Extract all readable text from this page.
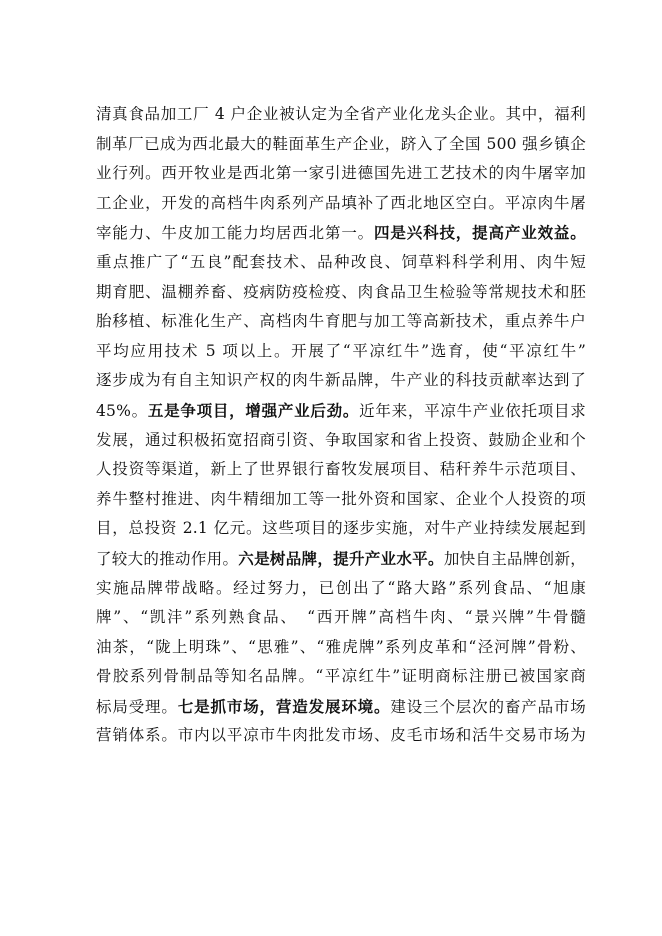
清真食品加工厂 4 户企业被认定为全省产业化龙头企业。其中，福利
制革厂已成为西北最大的鞋面革生产企业，跻入了全国 500 强乡镇企
业行列。西开牧业是西北第一家引进德国先进工艺技术的肉牛屠宰加
工企业，开发的高档牛肉系列产品填补了西北地区空白。平凉肉牛屠
宰能力、牛皮加工能力均居西北第一。四是兴科技，提高产业效益。
重点推广了“五良”配套技术、品种改良、饲草料科学利用、肉牛短
期育肥、温棚养畜、疫病防疫检疫、肉食品卫生检验等常规技术和胚
胎移植、标准化生产、高档肉牛育肥与加工等高新技术，重点养牛户
平均应用技术 5 项以上。开展了“平凉红牛”选育，使“平凉红牛”
逐步成为有自主知识产权的肉牛新品牌，牛产业的科技贡献率达到了
45%。五是争项目，增强产业后劲。近年来，平凉牛产业依托项目求
发展，通过积极拓宽招商引资、争取国家和省上投资、鼓励企业和个
人投资等渠道，新上了世界银行畜牧发展项目、秸秆养牛示范项目、
养牛整村推进、肉牛精细加工等一批外资和国家、企业个人投资的项
目，总投资 2.1 亿元。这些项目的逐步实施，对牛产业持续发展起到
了较大的推动作用。六是树品牌，提升产业水平。加快自主品牌创新，
实施品牌带战略。经过努力，已创出了“路大路”系列食品、“旭康
牌”、“凯沣”系列熟食品、　“西开牌”高档牛肉、“景兴牌”牛骨髓
油茶，“陇上明珠”、“思雅”、“雅虎牌”系列皮革和“泾河牌”骨粉、
骨胶系列骨制品等知名品牌。“平凉红牛”证明商标注册已被国家商
标局受理。七是抓市场，营造发展环境。建设三个层次的畜产品市场
营销体系。市内以平凉市牛肉批发市场、皮毛市场和活牛交易市场为
